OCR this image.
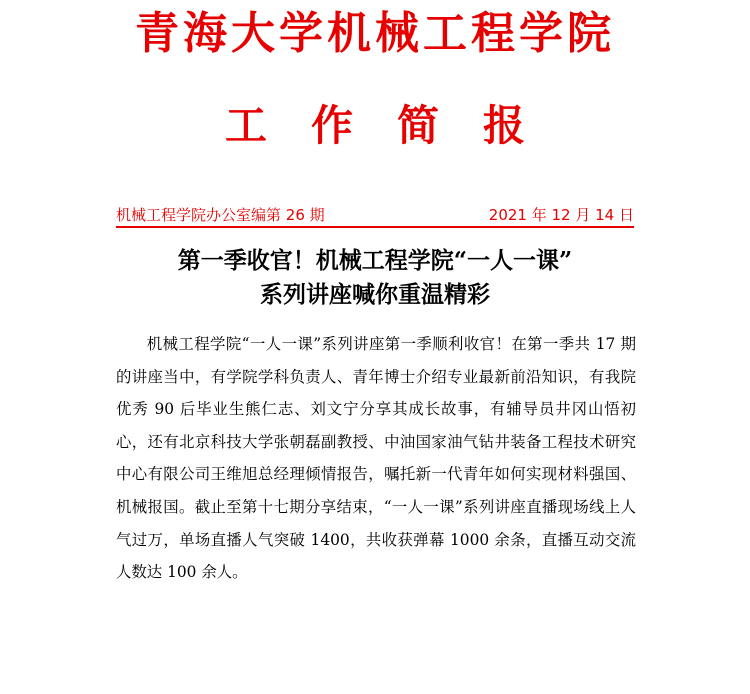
青海大学机械工程学院
工作简报
机械工程学院办公室编第 26 期	2021 年 12 月 14 日
第一季收官！机械工程学院“一人一课”
系列讲座喊你重温精彩

机械工程学院“一人一课”系列讲座第一季顺利收官！在第一季共 17 期的讲座当中，有学院学科负责人、青年博士介绍专业最新前沿知识，有我院优秀 90 后毕业生熊仁志、刘文宁分享其成长故事，有辅导员井冈山悟初心，还有北京科技大学张朝磊副教授、中油国家油气钻井装备工程技术研究中心有限公司王维旭总经理倾情报告，嘱托新一代青年如何实现材料强国、机械报国。截止至第十七期分享结束，“一人一课”系列讲座直播现场线上人气过万，单场直播人气突破 1400，共收获弹幕 1000 余条，直播互动交流人数达 100 余人。
